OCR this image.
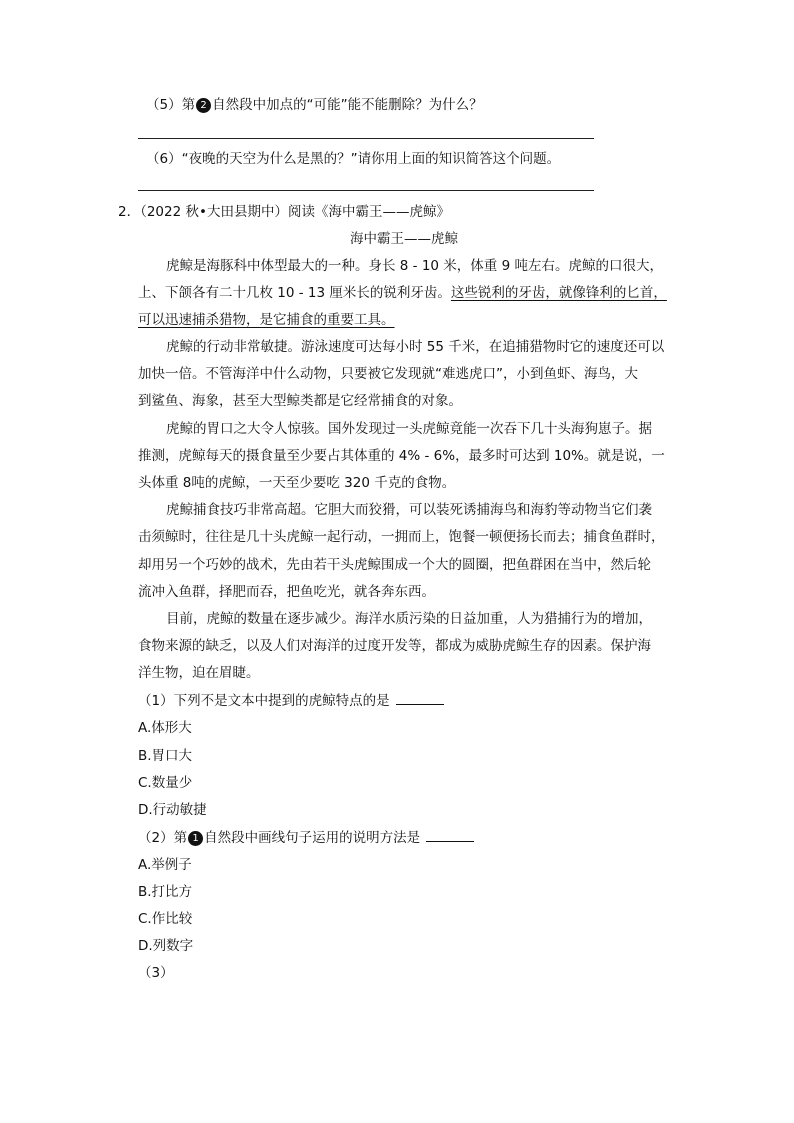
（5）第 2 自然段中加点的“可能”能不能删除？为什么？
（6）“夜晚的天空为什么是黑的？”请你用上面的知识简答这个问题。
2．（2022 秋•大田县期中）阅读《海中霸王——虎鲸》
海中霸王——虎鲸
虎鲸是海豚科中体型最大的一种。身长 8 - 10 米，体重 9 吨左右。虎鲸的口很大，
上、下颌各有二十几枚 10 - 13 厘米长的锐利牙齿。这些锐利的牙齿，就像锋利的匕首，
可以迅速捕杀猎物，是它捕食的重要工具。
虎鲸的行动非常敏捷。游泳速度可达每小时 55 千米，在追捕猎物时它的速度还可以
加快一倍。不管海洋中什么动物，只要被它发现就“难逃虎口”，小到鱼虾、海鸟，大
到鲨鱼、海象，甚至大型鲸类都是它经常捕食的对象。
虎鲸的胃口之大令人惊骇。国外发现过一头虎鲸竟能一次吞下几十头海狗崽子。据
推测，虎鲸每天的摄食量至少要占其体重的 4% - 6%，最多时可达到 10%。就是说，一
头体重 8吨的虎鲸，一天至少要吃 320 千克的食物。
虎鲸捕食技巧非常高超。它胆大而狡猾，可以装死诱捕海鸟和海豹等动物当它们袭
击须鲸时，往往是几十头虎鲸一起行动，一拥而上，饱餐一顿便扬长而去；捕食鱼群时，
却用另一个巧妙的战术，先由若干头虎鲸围成一个大的圆圈，把鱼群困在当中，然后轮
流冲入鱼群，择肥而吞，把鱼吃光，就各奔东西。
目前，虎鲸的数量在逐步减少。海洋水质污染的日益加重，人为猎捕行为的增加，
食物来源的缺乏，以及人们对海洋的过度开发等，都成为威胁虎鲸生存的因素。保护海
洋生物，迫在眉睫。
（1）下列不是文本中提到的虎鲸特点的是
A.体形大
B.胃口大
C.数量少
D.行动敏捷
（2）第 1 自然段中画线句子运用的说明方法是
A.举例子
B.打比方
C.作比较
D.列数字
（3）
